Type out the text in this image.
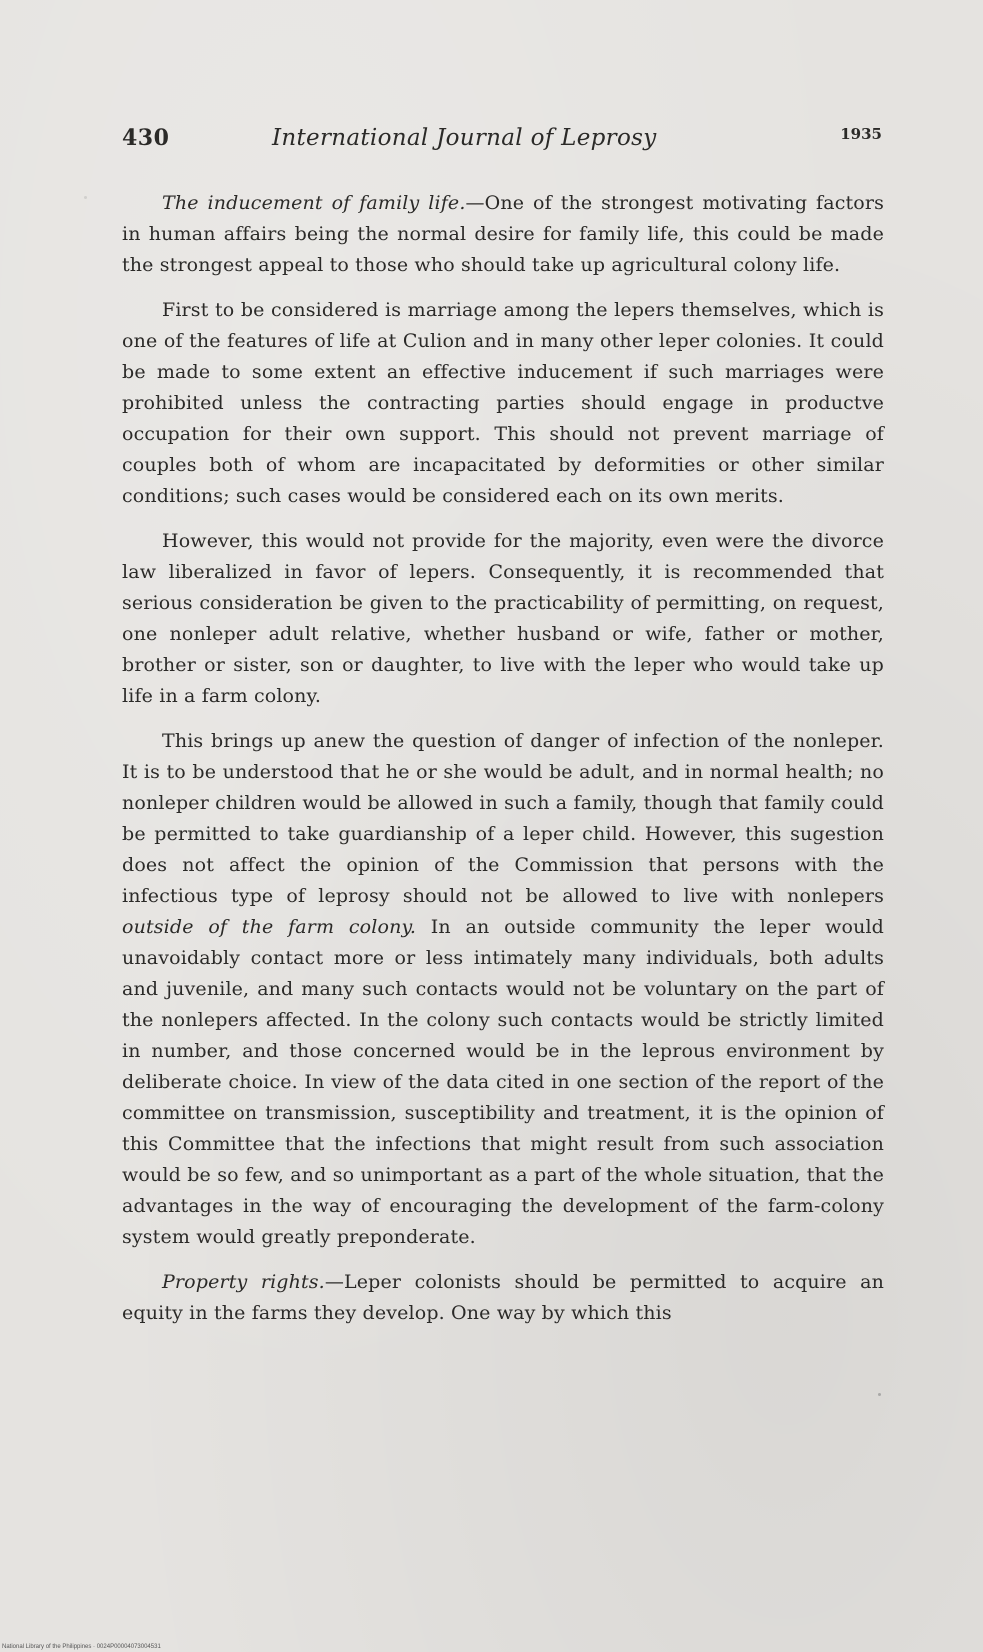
430	International Journal of Leprosy	1935

The inducement of family life.—One of the strongest motivating factors in human affairs being the normal desire for family life, this could be made the strongest appeal to those who should take up agricultural colony life.

First to be considered is marriage among the lepers themselves, which is one of the features of life at Culion and in many other leper colonies. It could be made to some extent an effective inducement if such marriages were prohibited unless the contracting parties should engage in productve occupation for their own support. This should not prevent marriage of couples both of whom are incapacitated by deformities or other similar conditions; such cases would be considered each on its own merits.

However, this would not provide for the majority, even were the divorce law liberalized in favor of lepers. Consequently, it is recommended that serious consideration be given to the practicability of permitting, on request, one nonleper adult relative, whether husband or wife, father or mother, brother or sister, son or daughter, to live with the leper who would take up life in a farm colony.

This brings up anew the question of danger of infection of the nonleper. It is to be understood that he or she would be adult, and in normal health; no nonleper children would be allowed in such a family, though that family could be permitted to take guardianship of a leper child. However, this sugestion does not affect the opinion of the Commission that persons with the infectious type of leprosy should not be allowed to live with nonlepers outside of the farm colony. In an outside community the leper would unavoidably contact more or less intimately many individuals, both adults and juvenile, and many such contacts would not be voluntary on the part of the nonlepers affected. In the colony such contacts would be strictly limited in number, and those concerned would be in the leprous environment by deliberate choice. In view of the data cited in one section of the report of the committee on transmission, susceptibility and treatment, it is the opinion of this Committee that the infections that might result from such association would be so few, and so unimportant as a part of the whole situation, that the advantages in the way of encouraging the development of the farm-colony system would greatly preponderate.

Property rights.—Leper colonists should be permitted to acquire an equity in the farms they develop. One way by which this

National Library of the Philippines · 0024P00004073004531
